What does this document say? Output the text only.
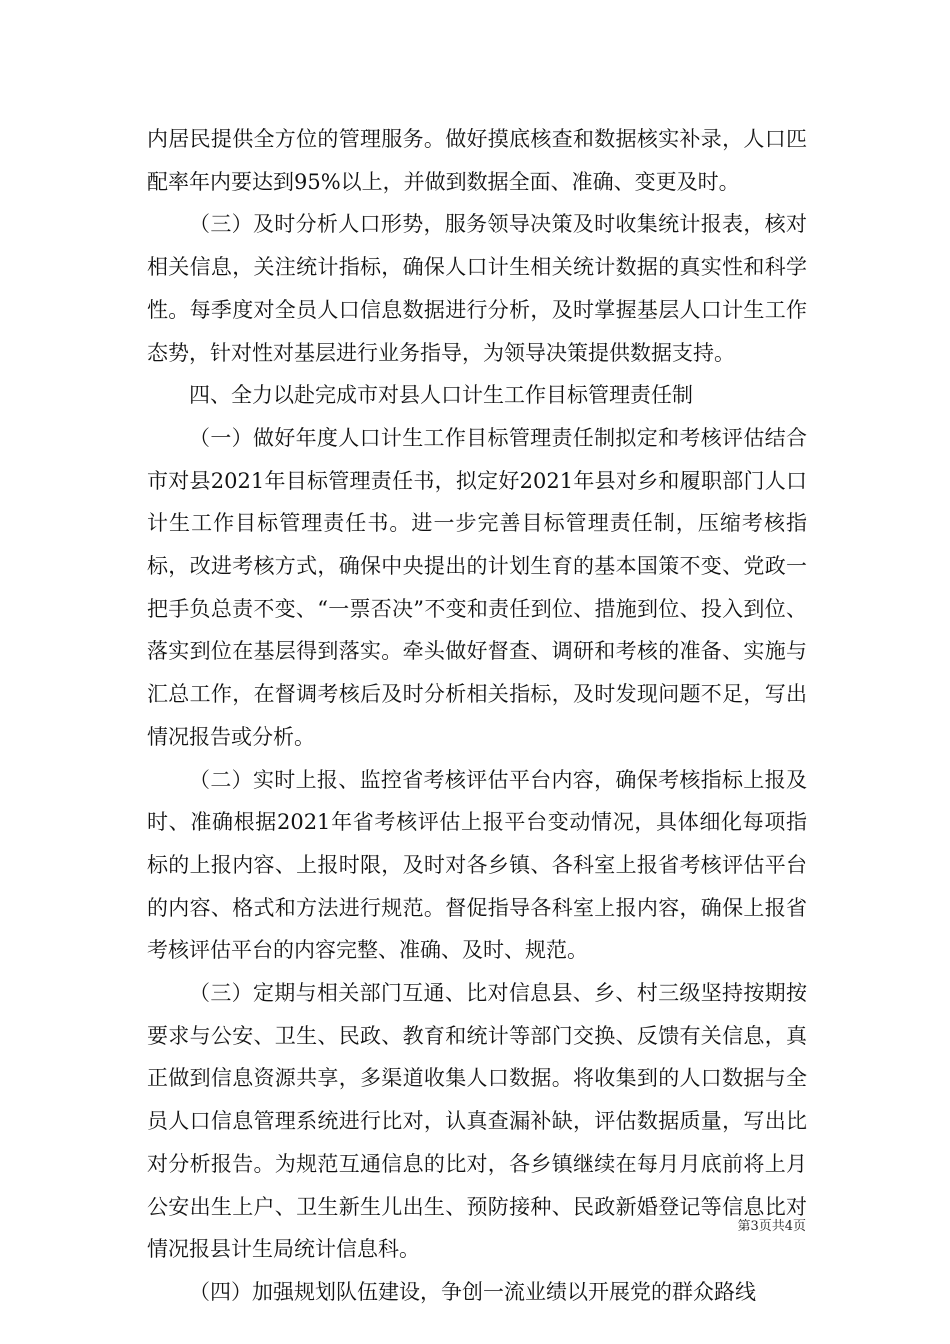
内居民提供全方位的管理服务。做好摸底核查和数据核实补录，人口匹配率年内要达到95%以上，并做到数据全面、准确、变更及时。

（三）及时分析人口形势，服务领导决策及时收集统计报表，核对相关信息，关注统计指标，确保人口计生相关统计数据的真实性和科学性。每季度对全员人口信息数据进行分析，及时掌握基层人口计生工作态势，针对性对基层进行业务指导，为领导决策提供数据支持。

四、全力以赴完成市对县人口计生工作目标管理责任制

（一）做好年度人口计生工作目标管理责任制拟定和考核评估结合市对县2021年目标管理责任书，拟定好2021年县对乡和履职部门人口计生工作目标管理责任书。进一步完善目标管理责任制，压缩考核指标，改进考核方式，确保中央提出的计划生育的基本国策不变、党政一把手负总责不变、“一票否决”不变和责任到位、措施到位、投入到位、落实到位在基层得到落实。牵头做好督查、调研和考核的准备、实施与汇总工作，在督调考核后及时分析相关指标，及时发现问题不足，写出情况报告或分析。

（二）实时上报、监控省考核评估平台内容，确保考核指标上报及时、准确根据2021年省考核评估上报平台变动情况，具体细化每项指标的上报内容、上报时限，及时对各乡镇、各科室上报省考核评估平台的内容、格式和方法进行规范。督促指导各科室上报内容，确保上报省考核评估平台的内容完整、准确、及时、规范。

（三）定期与相关部门互通、比对信息县、乡、村三级坚持按期按要求与公安、卫生、民政、教育和统计等部门交换、反馈有关信息，真正做到信息资源共享，多渠道收集人口数据。将收集到的人口数据与全员人口信息管理系统进行比对，认真查漏补缺，评估数据质量，写出比对分析报告。为规范互通信息的比对，各乡镇继续在每月月底前将上月公安出生上户、卫生新生儿出生、预防接种、民政新婚登记等信息比对情况报县计生局统计信息科。

（四）加强规划队伍建设，争创一流业绩以开展党的群众路线

第3页共4页
